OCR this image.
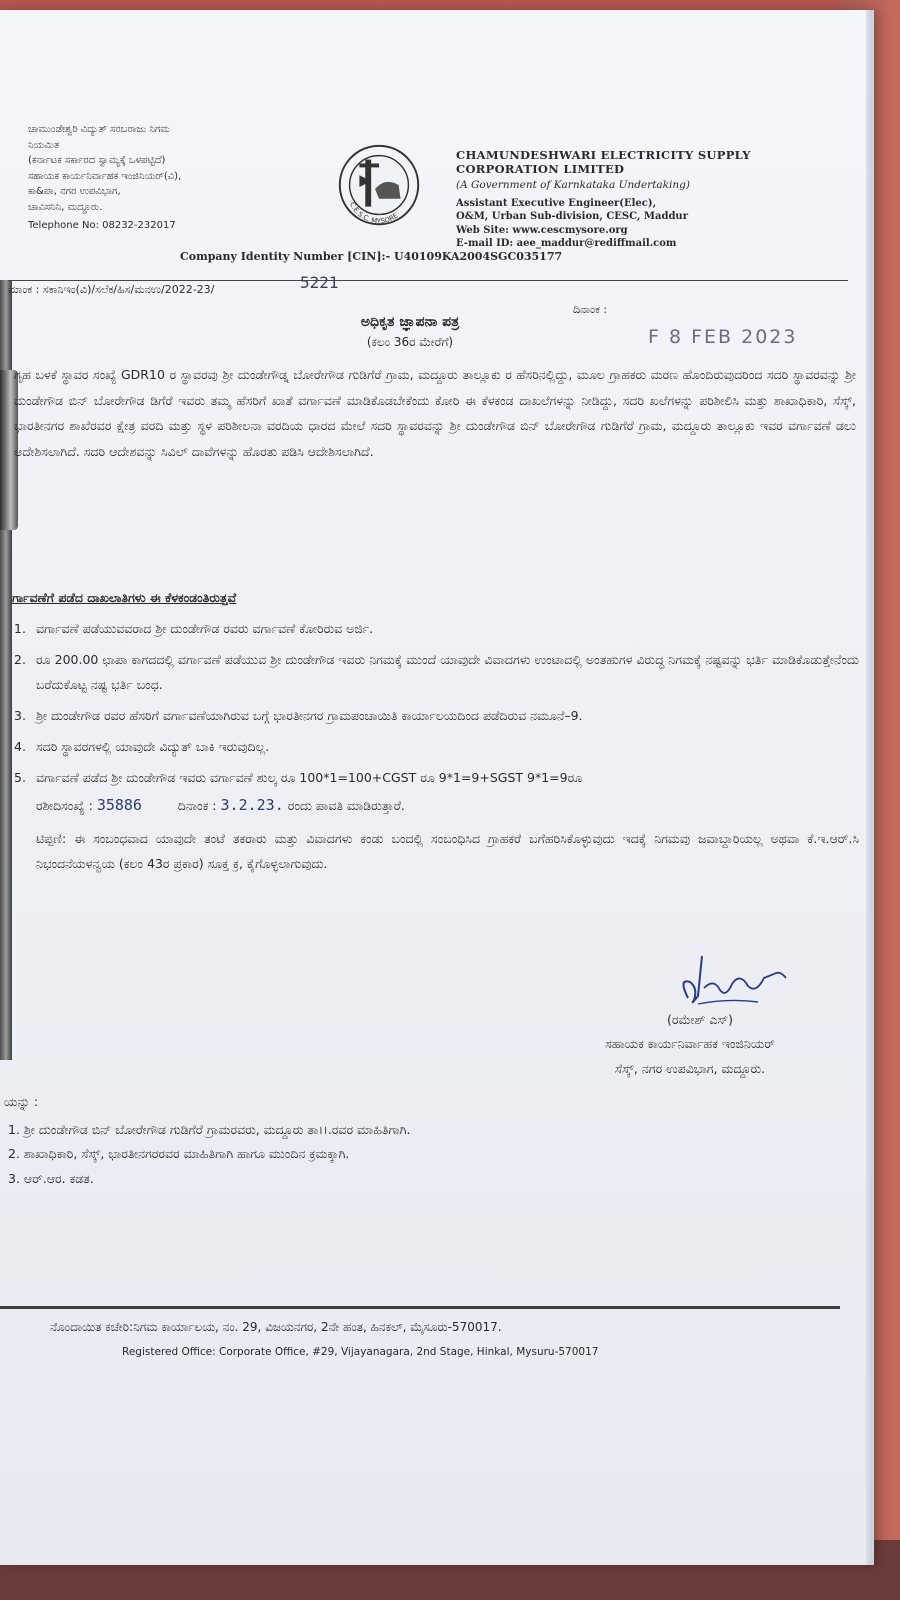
ಚಾಮುಂಡೇಶ್ವರಿ ವಿದ್ಯುತ್ ಸರಬರಾಜು ನಿಗಮ
ನಿಯಮಿತ
(ಕರ್ನಾಟಕ ಸರ್ಕಾರದ ಸ್ವಾಮ್ಯಕ್ಕೆ ಒಳಪಟ್ಟಿದೆ)
ಸಹಾಯಕ ಕಾರ್ಯನಿರ್ವಾಹಕ ಇಂಜಿನಿಯರ್(ವಿ),
ಕಾ&ಪಾ, ನಗರ ಉಪವಿಭಾಗ,
ಚಾವಿಸನಿನಿ, ಮದ್ದೂರು.
Telephone No: 08232-232017
C.E.S.C. MYSORE
CHAMUNDESHWARI ELECTRICITY SUPPLY
CORPORATION LIMITED
(A Government of Karnkataka Undertaking)
Assistant Executive Engineer(Elec),
O&M, Urban Sub-division, CESC, Maddur
Web Site: www.cescmysore.org
E-mail ID: aee_maddur@rediffmail.com
Company Identity Number [CIN]:- U40109KA2004SGC035177
ಮಾಂಕ : ಸಕಾನಿಇಂ(ವಿ)/ಸಲೆಕ/ಹಿಸ/ಮನಉ/2022-23/	5221
ದಿನಾಂಕ :
F 8 FEB 2023
ಅಧಿಕೃತ ಜ್ಞಾಪನಾ ಪತ್ರ
(ಕಲಂ 36ರ ಮೇರೆಗೆ)
ಗೃಹ ಬಳಕೆ ಸ್ಥಾವರ ಸಂಖ್ಯೆ GDR10 ರ ಸ್ಥಾವರವು ಶ್ರೀ ದುಂಡೇಗೌಡ್ನ ಬೋರೇಗೌಡ ಗುಡಿಗೆರೆ ಗ್ರಾಮ, ಮದ್ದೂರು ತಾಲ್ಲೂಕು ರ ಹೆಸರಿನಲ್ಲಿದ್ದು, ಮೂಲ ಗ್ರಾಹಕರು ಮರಣ ಹೊಂದಿರುವುದರಿಂದ ಸದರಿ ಸ್ಥಾವರವನ್ನು ಶ್ರೀ ದುಂಡೇಗೌಡ ಬಿನ್ ಬೋರೇಗೌಡ ಡಿಗೆರೆ ಇವರು ತಮ್ಮ ಹೆಸರಿಗೆ ಖಾತೆ ವರ್ಗಾವಣೆ ಮಾಡಿಕೊಡಬೇಕೆಂದು ಕೋರಿ ಈ ಕೆಳಕಂಡ ದಾಖಲೆಗಳನ್ನು ನೀಡಿದ್ದು, ಸದರಿ ಖಲೆಗಳನ್ನು ಪರಿಶೀಲಿಸಿ ಮತ್ತು ಶಾಖಾಧಿಕಾರಿ, ಸೆಸ್ಕ್, ಭಾರತೀನಗರ ಶಾಖೆರವರ ಕ್ಷೇತ್ರ ವರದಿ ಮತ್ತು ಸ್ಥಳ ಪರಿಶೀಲನಾ ವರದಿಯ ಧಾರದ ಮೇಲೆ ಸದರಿ ಸ್ಥಾವರವನ್ನು ಶ್ರೀ ದುಂಡೇಗೌಡ ಬಿನ್ ಬೋರೇಗೌಡ ಗುಡಿಗೆರೆ ಗ್ರಾಮ, ಮದ್ದೂರು ತಾಲ್ಲೂಕು ಇವರ ವರ್ಗಾವಣೆ ಡಲು ಆದೇಶಿಸಲಾಗಿದೆ. ಸದರಿ ಆದೇಶವನ್ನು ಸಿವಿಲ್ ದಾವೆಗಳನ್ನು ಹೊರತು ಪಡಿಸಿ ಆದೇಶಿಸಲಾಗಿದೆ.
ರ್ಗಾವಣೆಗೆ ಪಡೆದ ದಾಖಲಾತಿಗಳು ಈ ಕೆಳಕಂಡಂತಿರುತ್ತವೆ
1. ವರ್ಗಾವಣೆ ಪಡೆಯುವವರಾದ ಶ್ರೀ ದುಂಡೇಗೌಡ ರವರು ವರ್ಗಾವಣೆ ಕೋರಿರುವ ಅರ್ಜಿ.
2. ರೂ 200.00 ಛಾಪಾ ಕಾಗದದಲ್ಲಿ ವರ್ಗಾವಣೆ ಪಡೆಯುವ ಶ್ರೀ ದುಂಡೇಗೌಡ ಇವರು ನಿಗಮಕ್ಕೆ ಮುಂದೆ ಯಾವುದೇ ವಿವಾದಗಳು ಉಂಟಾದಲ್ಲಿ ಅಂತಹುಗಳ ವಿರುದ್ಧ ನಿಗಮಕ್ಕೆ ನಷ್ಟವನ್ನು ಭರ್ತಿ ಮಾಡಿಕೊಡುತ್ತೇನೆಂದು ಬರೆದುಕೊಟ್ಟ ನಷ್ಟ ಭರ್ತಿ ಬಂಧ.
3. ಶ್ರೀ ದುಂಡೇಗೌಡ ರವರ ಹೆಸರಿಗೆ ವರ್ಗಾವಣೆಯಾಗಿರುವ ಬಗ್ಗೆ ಭಾರತೀನಗರ ಗ್ರಾಮಪಂಚಾಯಿತಿ ಕಾರ್ಯಾಲಯದಿಂದ ಪಡೆದಿರುವ ನಮೂನೆ–9.
4. ಸದರಿ ಸ್ಥಾವರಗಳಲ್ಲಿ ಯಾವುದೇ ವಿದ್ಯುತ್ ಬಾಕಿ ಇರುವುದಿಲ್ಲ.
5. ವರ್ಗಾವಣೆ ಪಡೆದ ಶ್ರೀ ದುಂಡೇಗೌಡ ಇವರು ವರ್ಗಾವಣೆ ಶುಲ್ಕ ರೂ 100*1=100+CGST ರೂ 9*1=9+SGST 9*1=9ರೂ
ರಶೀದಿಸಂಖ್ಯೆ : 35886	ದಿನಾಂಕ : 3.2.23. ರಂದು ಪಾವತಿ ಮಾಡಿರುತ್ತಾರೆ.
ಟಿಪ್ಪಣಿ: ಈ ಸಂಬಂಧವಾದ ಯಾವುದೇ ತಂಟೆ ತಕರಾರು ಮತ್ತು ವಿವಾದಗಳು ಕಂಡು ಬಂದಲ್ಲಿ ಸಂಬಂಧಿಸಿದ ಗ್ರಾಹಕರೆ ಬಗೆಹರಿಸಿಕೊಳ್ಳುವುದು ಇದಕ್ಕೆ ನಿಗಮವು ಜವಾಬ್ದಾರಿಯಲ್ಲ ಅಥವಾ ಕೆ.ಇ.ಆರ್.ಸಿ ನಿಭಂದನೆಯಳನ್ವಯ (ಕಲಂ 43ರ ಪ್ರಕಾರ) ಸೂಕ್ತ ಕ್ರ, ಕೈಗೊಳ್ಳಲಾಗುವುದು.
(ರಮೇಶ್ ಎಸ್)
ಸಹಾಯಕ ಕಾರ್ಯನಿರ್ವಾಹಕ ಇಂಜಿನಿಯರ್
ಸೆಸ್ಕ್, ನಗರ ಉಪವಿಭಾಗ, ಮದ್ದೂರು.
ಯನ್ನು :
1. ಶ್ರೀ ದುಂಡೇಗೌಡ ಬಿನ್ ಬೋರೇಗೌಡ ಗುಡಿಗೆರೆ ಗ್ರಾಮರವರು, ಮದ್ದೂರು ತಾ।।.ರವರ ಮಾಹಿತಿಗಾಗಿ.
2. ಶಾಖಾಧಿಕಾರಿ, ಸೆಸ್ಕ್, ಭಾರತೀನಗರರವರ ಮಾಹಿತಿಗಾಗಿ ಹಾಗೂ ಮುಂದಿನ ಕ್ರಮಕ್ಕಾಗಿ.
3. ಆರ್.ಆರ. ಕಡತ.
ನೊಂದಾಯಿತ ಕಚೇರಿ:ನಿಗಮ ಕಾರ್ಯಾಲಯ, ನಂ. 29, ವಿಜಯನಗರ, 2ನೇ ಹಂತ, ಹಿನಕಲ್, ಮೈಸೂರು-570017.
Registered Office: Corporate Office, #29, Vijayanagara, 2nd Stage, Hinkal, Mysuru-570017
